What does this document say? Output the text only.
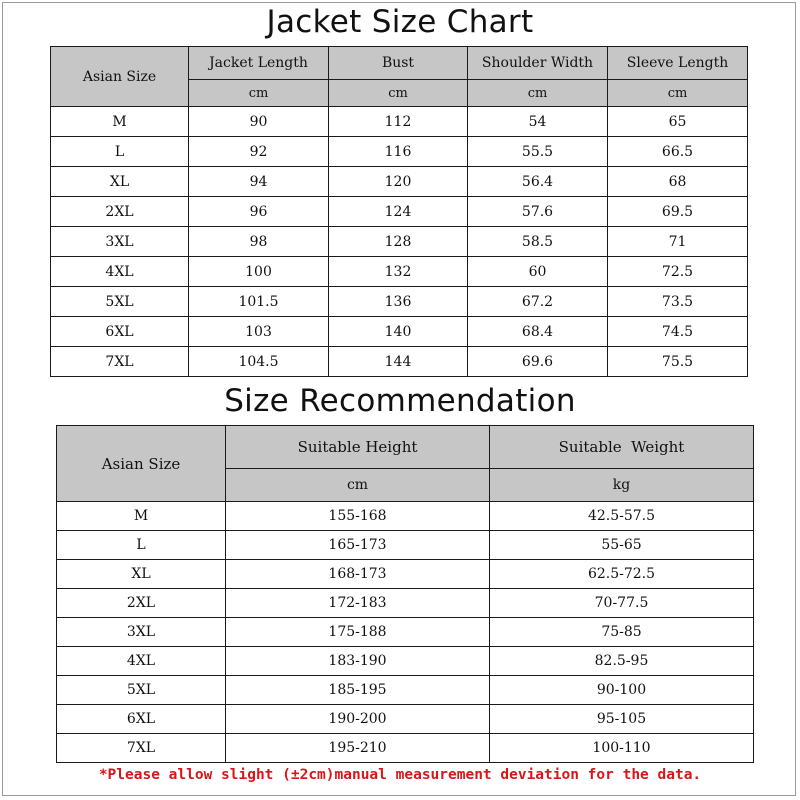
Jacket Size Chart
Asian Size	Jacket Length	Bust	Shoulder Width	Sleeve Length
	cm	cm	cm	cm
M	90	112	54	65
L	92	116	55.5	66.5
XL	94	120	56.4	68
2XL	96	124	57.6	69.5
3XL	98	128	58.5	71
4XL	100	132	60	72.5
5XL	101.5	136	67.2	73.5
6XL	103	140	68.4	74.5
7XL	104.5	144	69.6	75.5
Size Recommendation
Asian Size	Suitable Height	Suitable  Weight
	cm	kg
M	155-168	42.5-57.5
L	165-173	55-65
XL	168-173	62.5-72.5
2XL	172-183	70-77.5
3XL	175-188	75-85
4XL	183-190	82.5-95
5XL	185-195	90-100
6XL	190-200	95-105
7XL	195-210	100-110
*Please allow slight (±2cm)manual measurement deviation for the data.
